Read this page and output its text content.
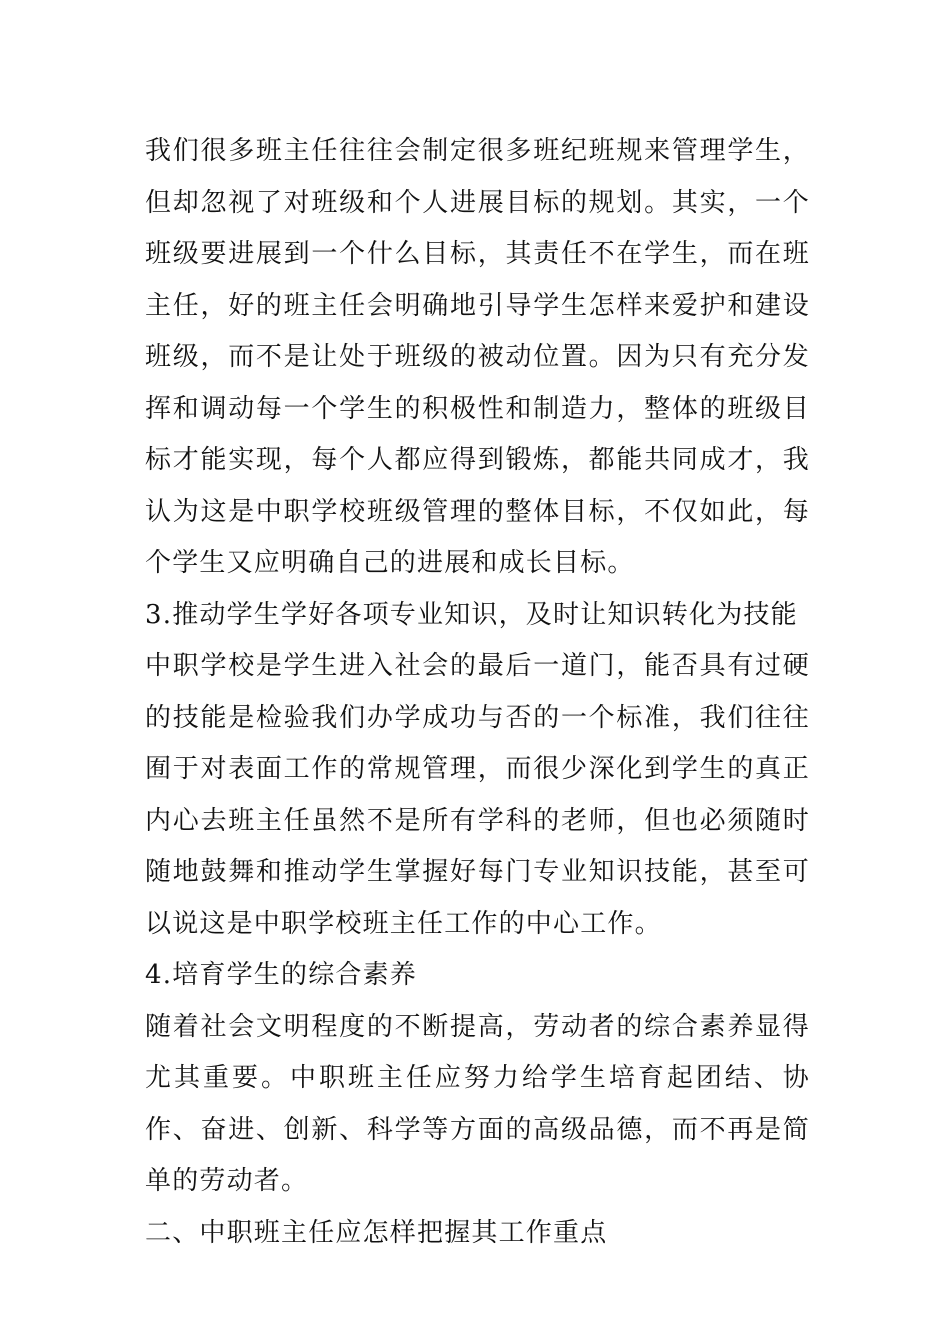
我们很多班主任往往会制定很多班纪班规来管理学生，但却忽视了对班级和个人进展目标的规划。其实，一个班级要进展到一个什么目标，其责任不在学生，而在班主任，好的班主任会明确地引导学生怎样来爱护和建设班级，而不是让处于班级的被动位置。因为只有充分发挥和调动每一个学生的积极性和制造力，整体的班级目标才能实现，每个人都应得到锻炼，都能共同成才，我认为这是中职学校班级管理的整体目标，不仅如此，每个学生又应明确自己的进展和成长目标。

3.推动学生学好各项专业知识，及时让知识转化为技能

中职学校是学生进入社会的最后一道门，能否具有过硬的技能是检验我们办学成功与否的一个标准，我们往往囿于对表面工作的常规管理，而很少深化到学生的真正内心去班主任虽然不是所有学科的老师，但也必须随时随地鼓舞和推动学生掌握好每门专业知识技能，甚至可以说这是中职学校班主任工作的中心工作。

4.培育学生的综合素养

随着社会文明程度的不断提高，劳动者的综合素养显得尤其重要。中职班主任应努力给学生培育起团结、协作、奋进、创新、科学等方面的高级品德，而不再是简单的劳动者。

二、中职班主任应怎样把握其工作重点
